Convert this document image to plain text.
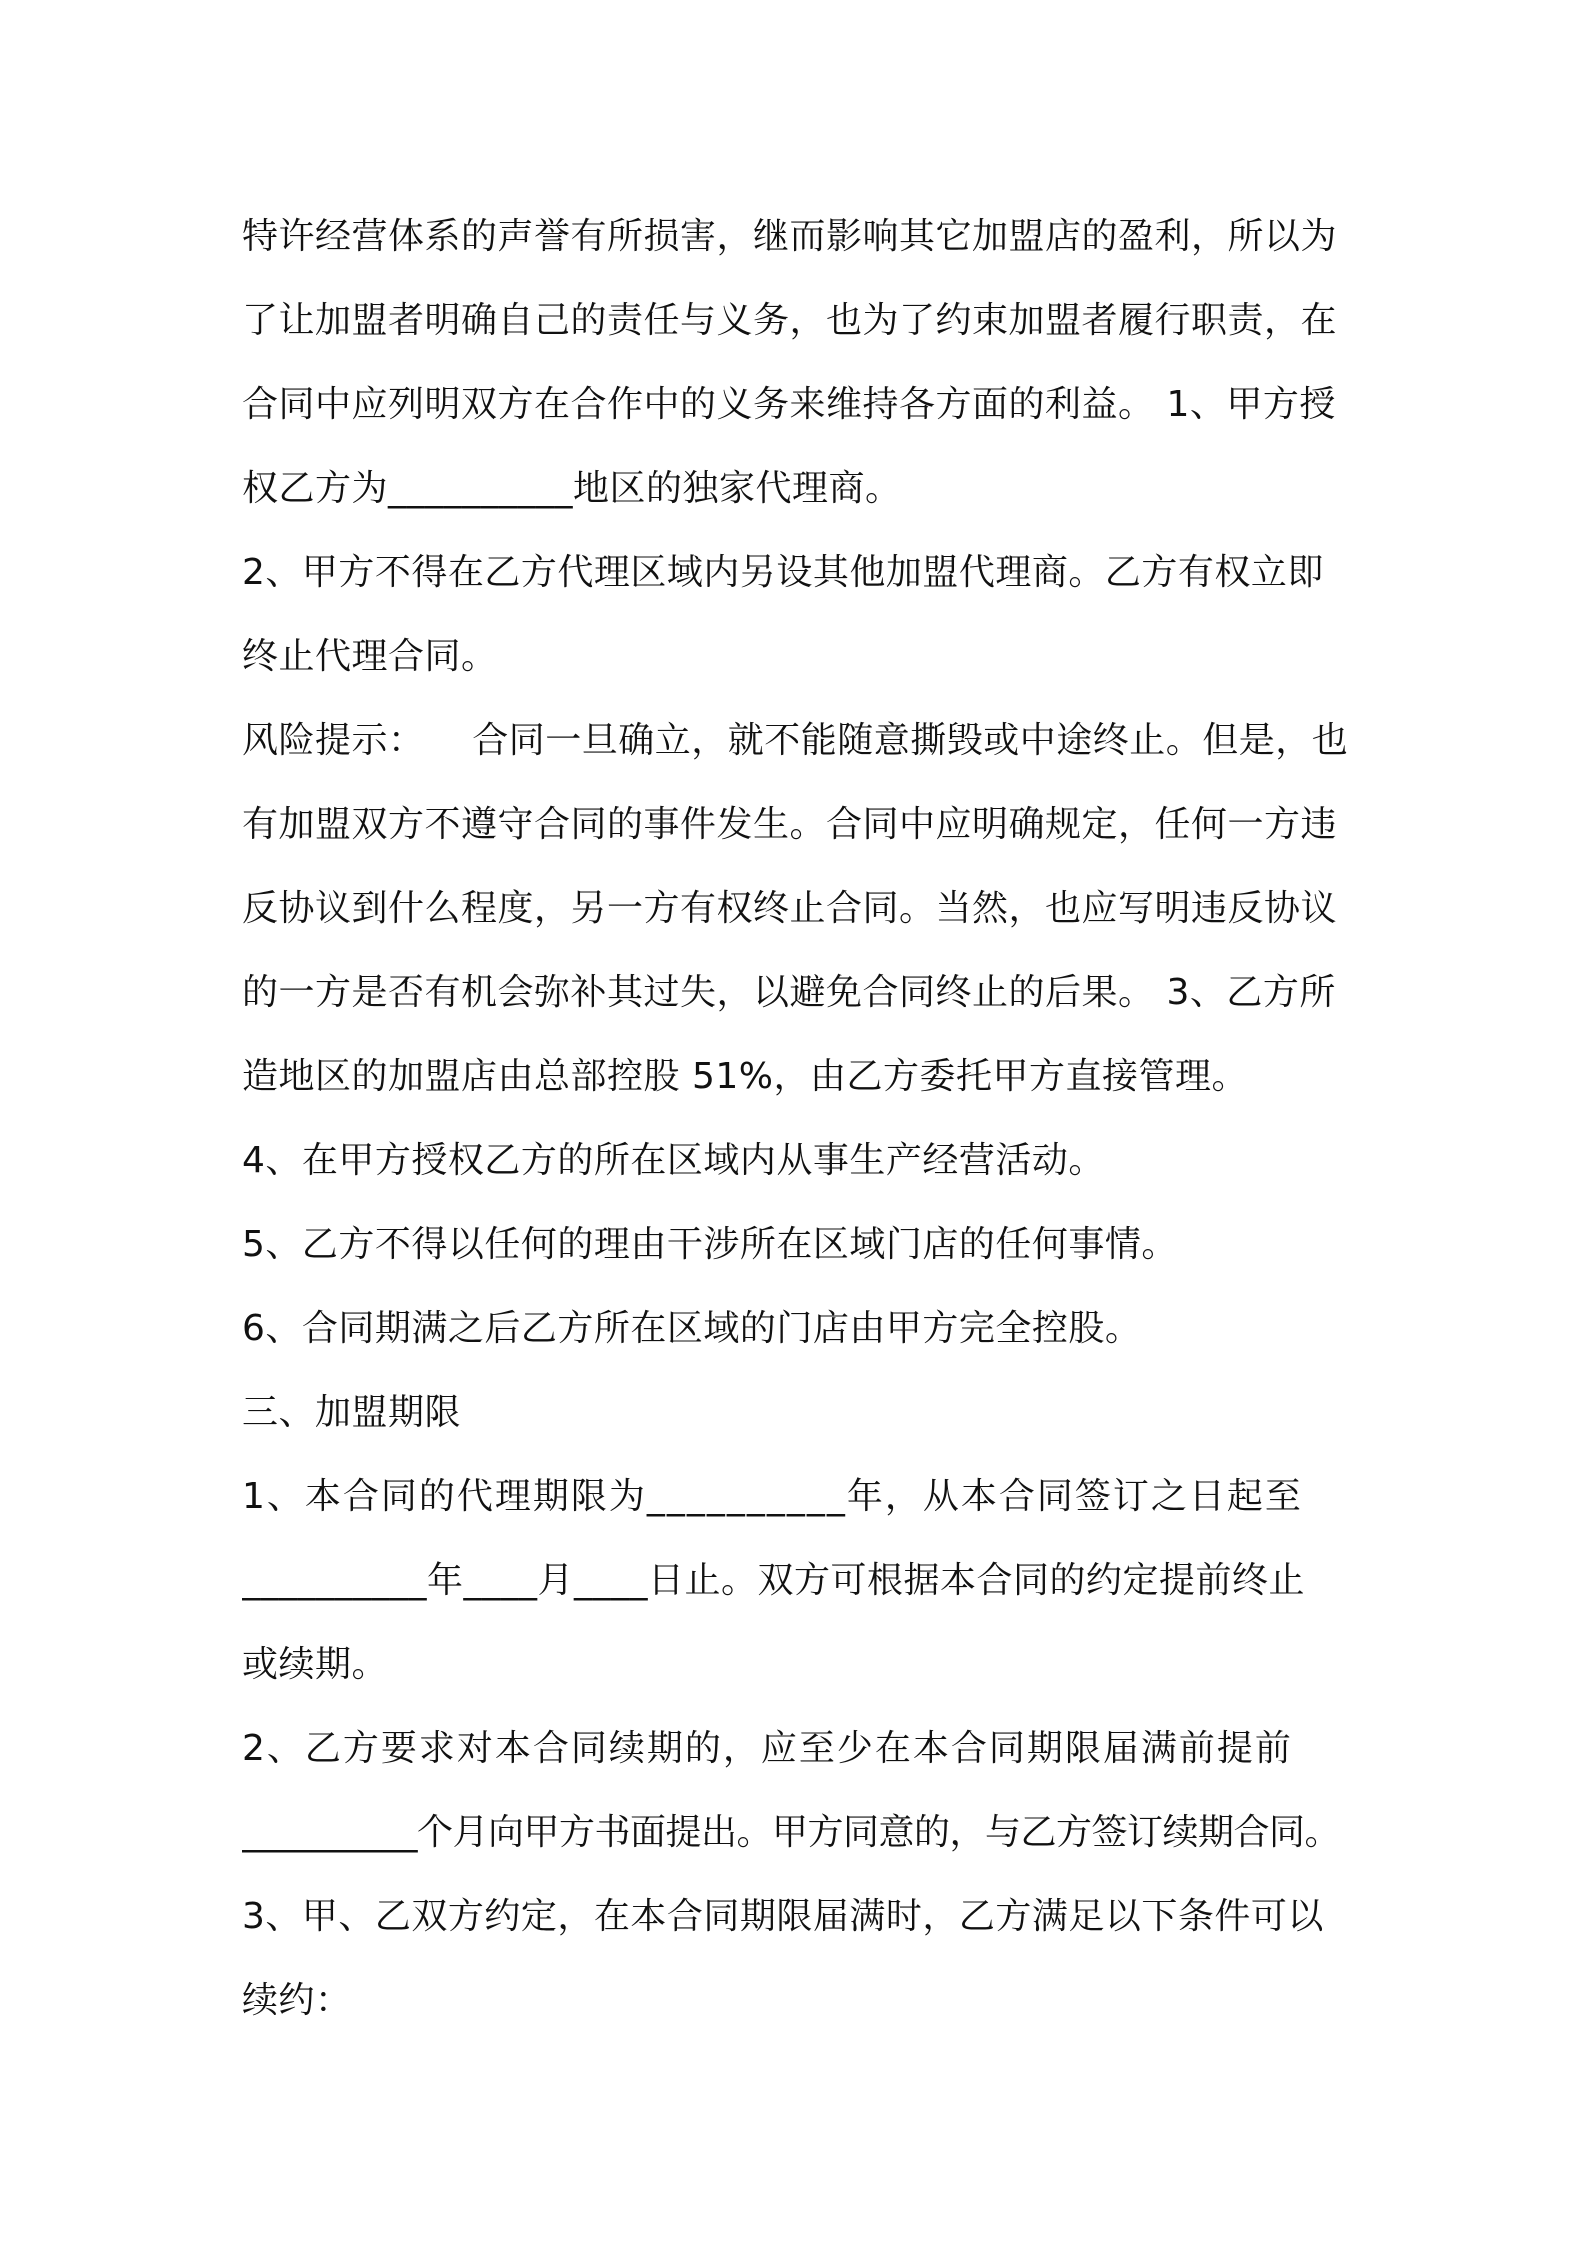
特许经营体系的声誉有所损害，继而影响其它加盟店的盈利，所以为
了让加盟者明确自己的责任与义务，也为了约束加盟者履行职责，在
合同中应列明双方在合作中的义务来维持各方面的利益。 1、甲方授
权乙方为__________地区的独家代理商。
2、甲方不得在乙方代理区域内另设其他加盟代理商。乙方有权立即
终止代理合同。
风险提示：    合同一旦确立，就不能随意撕毁或中途终止。但是，也
有加盟双方不遵守合同的事件发生。合同中应明确规定，任何一方违
反协议到什么程度，另一方有权终止合同。当然，也应写明违反协议
的一方是否有机会弥补其过失，以避免合同终止的后果。 3、乙方所
造地区的加盟店由总部控股 51%，由乙方委托甲方直接管理。
4、在甲方授权乙方的所在区域内从事生产经营活动。
5、乙方不得以任何的理由干涉所在区域门店的任何事情。
6、合同期满之后乙方所在区域的门店由甲方完全控股。
三、加盟期限
1、本合同的代理期限为__________年，从本合同签订之日起至
__________年____月____日止。双方可根据本合同的约定提前终止
或续期。
2、乙方要求对本合同续期的，应至少在本合同期限届满前提前
__________个月向甲方书面提出。甲方同意的，与乙方签订续期合同。
3、甲、乙双方约定，在本合同期限届满时，乙方满足以下条件可以
续约：
